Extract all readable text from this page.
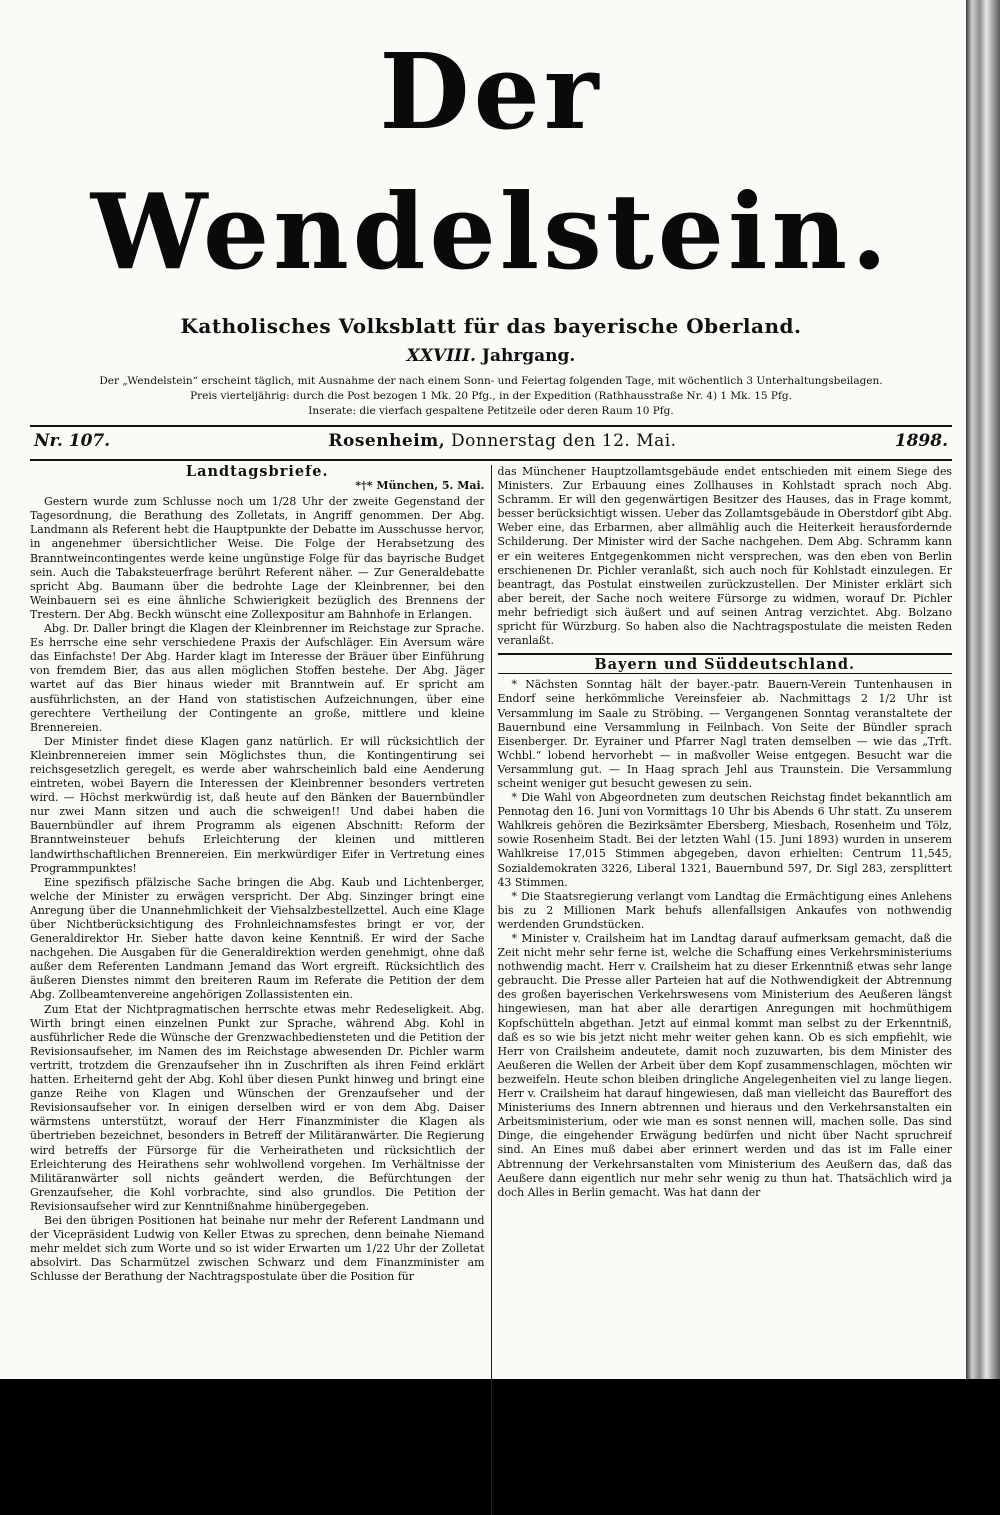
Der Wendelstein.
Katholisches Volksblatt für das bayerische Oberland.
XXVIII. Jahrgang.
Der „Wendelstein“ erscheint täglich, mit Ausnahme der nach einem Sonn- und Feiertag folgenden Tage, mit wöchentlich 3 Unterhaltungsbeilagen.
Preis vierteljährig: durch die Post bezogen 1 Mk. 20 Pfg., in der Expedition (Rathhausstraße Nr. 4) 1 Mk. 15 Pfg.
Inserate: die vierfach gespaltene Petitzeile oder deren Raum 10 Pfg.
Nr. 107.	Rosenheim, Donnerstag den 12. Mai.	1898.

Landtagsbriefe.

*†* München, 5. Mai.

Gestern wurde zum Schlusse noch um 1/28 Uhr der zweite Gegenstand der Tagesordnung, die Berathung des Zolletats, in Angriff genommen. Der Abg. Landmann als Referent hebt die Hauptpunkte der Debatte im Ausschusse hervor, in angenehmer übersichtlicher Weise. Die Folge der Herabsetzung des Branntweincontingentes werde keine ungünstige Folge für das bayrische Budget sein. Auch die Tabaksteuerfrage berührt Referent näher. — Zur Generaldebatte spricht Abg. Baumann über die bedrohte Lage der Kleinbrenner, bei den Weinbauern sei es eine ähnliche Schwierigkeit bezüglich des Brennens der Trestern. Der Abg. Beckh wünscht eine Zollexpositur am Bahnhofe in Erlangen.

Abg. Dr. Daller bringt die Klagen der Kleinbrenner im Reichstage zur Sprache. Es herrsche eine sehr verschiedene Praxis der Aufschläger. Ein Aversum wäre das Einfachste! Der Abg. Harder klagt im Interesse der Bräuer über Einführung von fremdem Bier, das aus allen möglichen Stoffen bestehe. Der Abg. Jäger wartet auf das Bier hinaus wieder mit Branntwein auf. Er spricht am ausführlichsten, an der Hand von statistischen Aufzeichnungen, über eine gerechtere Vertheilung der Contingente an große, mittlere und kleine Brennereien.

Der Minister findet diese Klagen ganz natürlich. Er will rücksichtlich der Kleinbrennereien immer sein Möglichstes thun, die Kontingentirung sei reichsgesetzlich geregelt, es werde aber wahrscheinlich bald eine Aenderung eintreten, wobei Bayern die Interessen der Kleinbrenner besonders vertreten wird. — Höchst merkwürdig ist, daß heute auf den Bänken der Bauernbündler nur zwei Mann sitzen und auch die schweigen!! Und dabei haben die Bauernbündler auf ihrem Programm als eigenen Abschnitt: Reform der Branntweinsteuer behufs Erleichterung der kleinen und mittleren landwirthschaftlichen Brennereien. Ein merkwürdiger Eifer in Vertretung eines Programmpunktes!

Eine spezifisch pfälzische Sache bringen die Abg. Kaub und Lichtenberger, welche der Minister zu erwägen verspricht. Der Abg. Sinzinger bringt eine Anregung über die Unannehmlichkeit der Viehsalzbestellzettel. Auch eine Klage über Nichtberücksichtigung des Frohnleichnamsfestes bringt er vor, der Generaldirektor Hr. Sieber hatte davon keine Kenntniß. Er wird der Sache nachgehen. Die Ausgaben für die Generaldirektion werden genehmigt, ohne daß außer dem Referenten Landmann Jemand das Wort ergreift. Rücksichtlich des äußeren Dienstes nimmt den breiteren Raum im Referate die Petition der dem Abg. Zollbeamtenvereine angehörigen Zollassistenten ein.

Zum Etat der Nichtpragmatischen herrschte etwas mehr Redeseligkeit. Abg. Wirth bringt einen einzelnen Punkt zur Sprache, während Abg. Kohl in ausführlicher Rede die Wünsche der Grenzwachbediensteten und die Petition der Revisionsaufseher, im Namen des im Reichstage abwesenden Dr. Pichler warm vertritt, trotzdem die Grenzaufseher ihn in Zuschriften als ihren Feind erklärt hatten. Erheiternd geht der Abg. Kohl über diesen Punkt hinweg und bringt eine ganze Reihe von Klagen und Wünschen der Grenzaufseher und der Revisionsaufseher vor. In einigen derselben wird er von dem Abg. Daiser wärmstens unterstützt, worauf der Herr Finanzminister die Klagen als übertrieben bezeichnet, besonders in Betreff der Militäranwärter. Die Regierung wird betreffs der Fürsorge für die Verheiratheten und rücksichtlich der Erleichterung des Heirathens sehr wohlwollend vorgehen. Im Verhältnisse der Militäranwärter soll nichts geändert werden, die Befürchtungen der Grenzaufseher, die Kohl vorbrachte, sind also grundlos. Die Petition der Revisionsaufseher wird zur Kenntnißnahme hinübergegeben.

Bei den übrigen Positionen hat beinahe nur mehr der Referent Landmann und der Vicepräsident Ludwig von Keller Etwas zu sprechen, denn beinahe Niemand mehr meldet sich zum Worte und so ist wider Erwarten um 1/22 Uhr der Zolletat absolvirt. Das Scharmützel zwischen Schwarz und dem Finanzminister am Schlusse der Berathung der Nachtragspostulate über die Position für

das Münchener Hauptzollamtsgebäude endet entschieden mit einem Siege des Ministers. Zur Erbauung eines Zollhauses in Kohlstadt sprach noch Abg. Schramm. Er will den gegenwärtigen Besitzer des Hauses, das in Frage kommt, besser berücksichtigt wissen. Ueber das Zollamtsgebäude in Oberstdorf gibt Abg. Weber eine, das Erbarmen, aber allmählig auch die Heiterkeit herausfordernde Schilderung. Der Minister wird der Sache nachgehen. Dem Abg. Schramm kann er ein weiteres Entgegenkommen nicht versprechen, was den eben von Berlin erschienenen Dr. Pichler veranlaßt, sich auch noch für Kohlstadt einzulegen. Er beantragt, das Postulat einstweilen zurückzustellen. Der Minister erklärt sich aber bereit, der Sache noch weitere Fürsorge zu widmen, worauf Dr. Pichler mehr befriedigt sich äußert und auf seinen Antrag verzichtet. Abg. Bolzano spricht für Würzburg. So haben also die Nachtragspostulate die meisten Reden veranlaßt.

Bayern und Süddeutschland.

* Nächsten Sonntag hält der bayer.-patr. Bauern-Verein Tuntenhausen in Endorf seine herkömmliche Vereinsfeier ab. Nachmittags 2 1/2 Uhr ist Versammlung im Saale zu Ströbing. — Vergangenen Sonntag veranstaltete der Bauernbund eine Versammlung in Feilnbach. Von Seite der Bündler sprach Eisenberger. Dr. Eyrainer und Pfarrer Nagl traten demselben — wie das „Trft. Wchbl.“ lobend hervorhebt — in maßvoller Weise entgegen. Besucht war die Versammlung gut. — In Haag sprach Jehl aus Traunstein. Die Versammlung scheint weniger gut besucht gewesen zu sein.

* Die Wahl von Abgeordneten zum deutschen Reichstag findet bekanntlich am Pennotag den 16. Juni von Vormittags 10 Uhr bis Abends 6 Uhr statt. Zu unserem Wahlkreis gehören die Bezirksämter Ebersberg, Miesbach, Rosenheim und Tölz, sowie Rosenheim Stadt. Bei der letzten Wahl (15. Juni 1893) wurden in unserem Wahlkreise 17,015 Stimmen abgegeben, davon erhielten: Centrum 11,545, Sozialdemokraten 3226, Liberal 1321, Bauernbund 597, Dr. Sigl 283, zersplittert 43 Stimmen.

* Die Staatsregierung verlangt vom Landtag die Ermächtigung eines Anlehens bis zu 2 Millionen Mark behufs allenfallsigen Ankaufes von nothwendig werdenden Grundstücken.

* Minister v. Crailsheim hat im Landtag darauf aufmerksam gemacht, daß die Zeit nicht mehr sehr ferne ist, welche die Schaffung eines Verkehrsministeriums nothwendig macht. Herr v. Crailsheim hat zu dieser Erkenntniß etwas sehr lange gebraucht. Die Presse aller Parteien hat auf die Nothwendigkeit der Abtrennung des großen bayerischen Verkehrswesens vom Ministerium des Aeußeren längst hingewiesen, man hat aber alle derartigen Anregungen mit hochmüthigem Kopfschütteln abgethan. Jetzt auf einmal kommt man selbst zu der Erkenntniß, daß es so wie bis jetzt nicht mehr weiter gehen kann. Ob es sich empfiehlt, wie Herr von Crailsheim andeutete, damit noch zuzuwarten, bis dem Minister des Aeußeren die Wellen der Arbeit über dem Kopf zusammenschlagen, möchten wir bezweifeln. Heute schon bleiben dringliche Angelegenheiten viel zu lange liegen. Herr v. Crailsheim hat darauf hingewiesen, daß man vielleicht das Baureffort des Ministeriums des Innern abtrennen und hieraus und den Verkehrsanstalten ein Arbeitsministerium, oder wie man es sonst nennen will, machen solle. Das sind Dinge, die eingehender Erwägung bedürfen und nicht über Nacht spruchreif sind. An Eines muß dabei aber erinnert werden und das ist im Falle einer Abtrennung der Verkehrsanstalten vom Ministerium des Aeußern das, daß das Aeußere dann eigentlich nur mehr sehr wenig zu thun hat. Thatsächlich wird ja doch Alles in Berlin gemacht. Was hat dann der
